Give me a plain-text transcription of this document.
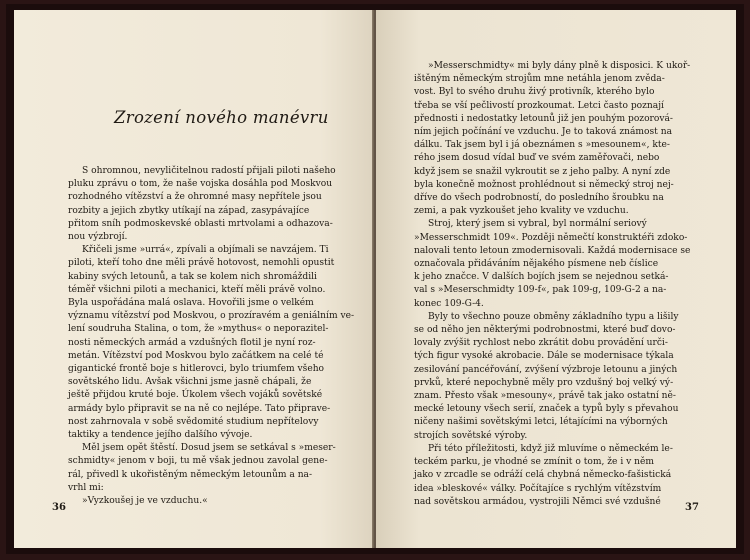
Zrození nového manévru
S ohromnou, nevyličitelnou radostí přijali piloti našeho
pluku zprávu o tom, že naše vojska dosáhla pod Moskvou
rozhodného vítězství a že ohromné masy nepřítele jsou
rozbity a jejich zbytky utíkají na západ, zasypávajíce
přitom sníh podmoskevské oblasti mrtvolami a odhazova-
nou výzbrojí.
Křičeli jsme »urrá«, zpívali a objímali se navzájem. Ti
piloti, kteří toho dne měli právě hotovost, nemohli opustit
kabiny svých letounů, a tak se kolem nich shromáždili
téměř všichni piloti a mechanici, kteří měli právě volno.
Byla uspořádána malá oslava. Hovořili jsme o velkém
významu vítězství pod Moskvou, o prozíravém a geniálním ve-
lení soudruha Stalina, o tom, že »mythus« o neporazitel-
nosti německých armád a vzdušných flotil je nyní roz-
metán. Vítězství pod Moskvou bylo začátkem na celé té
gigantické frontě boje s hitlerovci, bylo triumfem všeho
sovětského lidu. Avšak všichni jsme jasně chápali, že
ještě přijdou kruté boje. Úkolem všech vojáků sovětské
armády bylo připravit se na ně co nejlépe. Tato připrave-
nost zahrnovala v sobě svědomité studium nepřítelovy
taktiky a tendence jejího dalšího vývoje.
Měl jsem opět štěstí. Dosud jsem se setkával s »meser-
schmidty« jenom v boji, tu mě však jednou zavolal gene-
rál, přivedl k ukořistěným německým letounům a na-
vrhl mi:
»Vyzkoušej je ve vzduchu.«
36
»Messerschmidty« mi byly dány plně k disposici. K ukoř-
ištěným německým strojům mne netáhla jenom zvěda-
vost. Byl to svého druhu živý protivník, kterého bylo
třeba se vší pečlivostí prozkoumat. Letci často poznají
přednosti i nedostatky letounů již jen pouhým pozorová-
ním jejich počínání ve vzduchu. Je to taková známost na
dálku. Tak jsem byl i já obeznámen s »mesounem«, kte-
rého jsem dosud vídal buď ve svém zaměřovači, nebo
když jsem se snažil vykroutit se z jeho palby. A nyní zde
byla konečně možnost prohlédnout si německý stroj nej-
dříve do všech podrobností, do posledního šroubku na
zemi, a pak vyzkoušet jeho kvality ve vzduchu.
Stroj, který jsem si vybral, byl normální seriový
»Messerschmidt 109«. Později němečtí konstruktéři zdoko-
nalovali tento letoun zmodernisovali. Každá modernisace se
označovala přidáváním nějakého písmene neb číslice
k jeho značce. V dalších bojích jsem se nejednou setká-
val s »Meserschmidty 109-f«, pak 109-g, 109-G-2 a na-
konec 109-G-4.
Byly to všechno pouze obměny základního typu a lišily
se od něho jen některými podrobnostmi, které buď dovo-
lovaly zvýšit rychlost nebo zkrátit dobu provádění urči-
tých figur vysoké akrobacie. Dále se modernisace týkala
zesilování pancéřování, zvýšení výzbroje letounu a jiných
prvků, které nepochybně měly pro vzdušný boj velký vý-
znam. Přesto však »mesouny«, právě tak jako ostatní ně-
mecké letouny všech serií, značek a typů byly s převahou
ničeny našimi sovětskými letci, létajícími na výborných
strojích sovětské výroby.
Při této příležitosti, když již mluvíme o německém le-
teckém parku, je vhodné se zmínit o tom, že i v něm
jako v zrcadle se odráží celá chybná německo-fašistická
idea »bleskové« války. Počítajíce s rychlým vítězstvím
nad sovětskou armádou, vystrojili Němci své vzdušné
37
